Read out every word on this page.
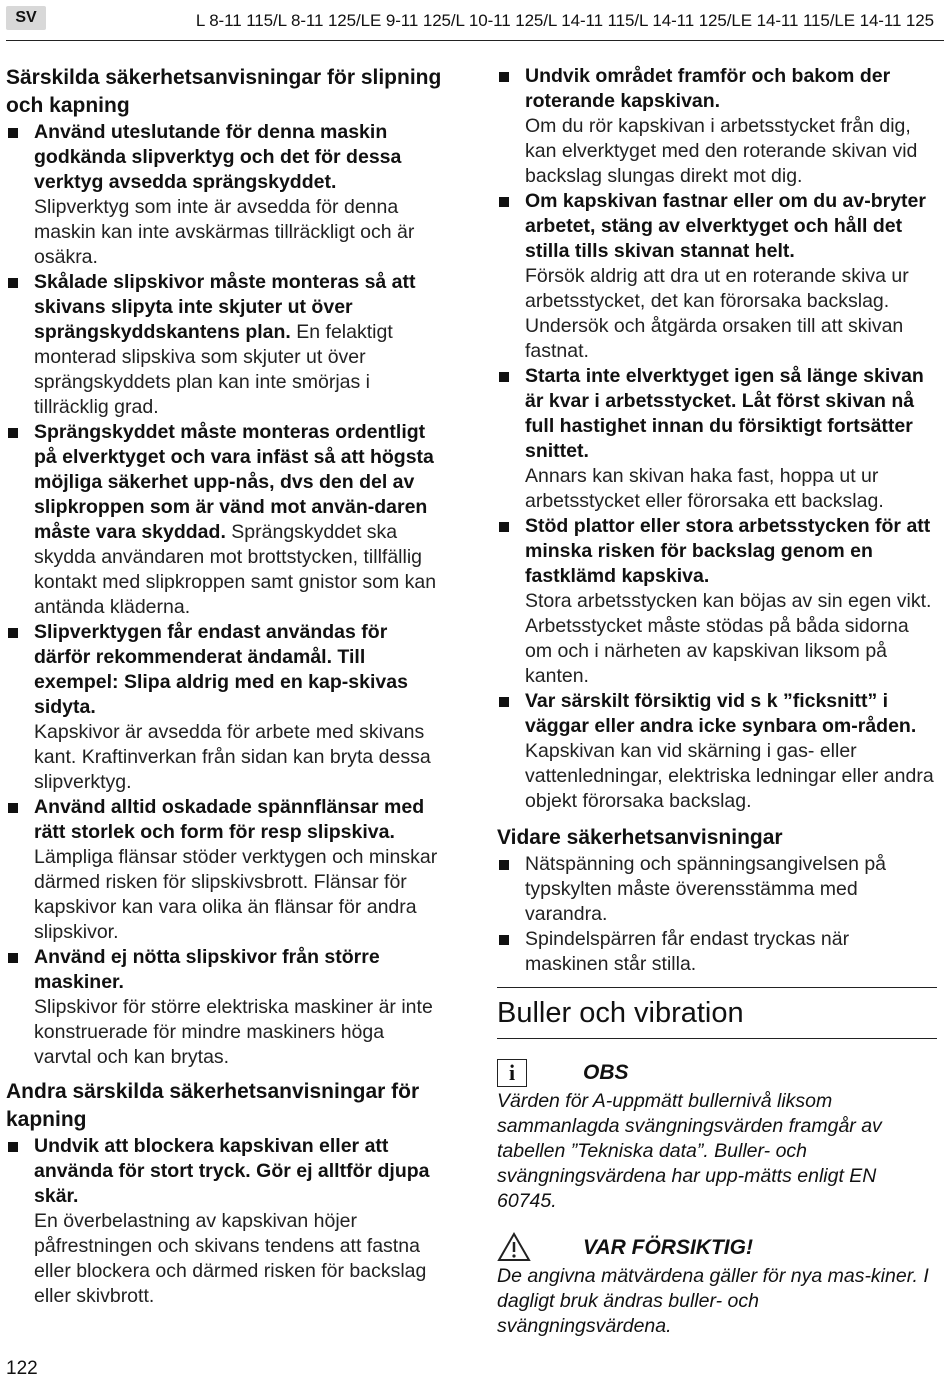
SV	L 8-11 115/L 8-11 125/LE 9-11 125/L 10-11 125/L 14-11 115/L 14-11 125/LE 14-11 115/LE 14-11 125
Särskilda säkerhetsanvisningar för slipning och kapning
Använd uteslutande för denna maskin godkända slipverktyg och det för dessa verktyg avsedda sprängskyddet.
Slipverktyg som inte är avsedda för denna maskin kan inte avskärmas tillräckligt och är osäkra.
Skålade slipskivor måste monteras så att skivans slipyta inte skjuter ut över sprängskyddskantens plan. En felaktigt monterad slipskiva som skjuter ut över sprängskyddets plan kan inte smörjas i tillräcklig grad.
Sprängskyddet måste monteras ordentligt på elverktyget och vara infäst så att högsta möjliga säkerhet upp-nås, dvs den del av slipkroppen som är vänd mot använ-daren måste vara skyddad. Sprängskyddet ska skydda användaren mot brottstycken, tillfällig kontakt med slipkroppen samt gnistor som kan antända kläderna.
Slipverktygen får endast användas för därför rekommenderat ändamål. Till exempel: Slipa aldrig med en kap-skivas sidyta.
Kapskivor är avsedda för arbete med skivans kant. Kraftinverkan från sidan kan bryta dessa slipverktyg.
Använd alltid oskadade spännflänsar med rätt storlek och form för resp slipskiva.
Lämpliga flänsar stöder verktygen och minskar därmed risken för slipskivsbrott. Flänsar för kapskivor kan vara olika än flänsar för andra slipskivor.
Använd ej nötta slipskivor från större maskiner.
Slipskivor för större elektriska maskiner är inte konstruerade för mindre maskiners höga varvtal och kan brytas.
Andra särskilda säkerhetsanvisningar för kapning
Undvik att blockera kapskivan eller att använda för stort tryck. Gör ej alltför djupa skär.
En överbelastning av kapskivan höjer påfrestningen och skivans tendens att fastna eller blockera och därmed risken för backslag eller skivbrott.
Undvik området framför och bakom der roterande kapskivan.
Om du rör kapskivan i arbetsstycket från dig, kan elverktyget med den roterande skivan vid backslag slungas direkt mot dig.
Om kapskivan fastnar eller om du av-bryter arbetet, stäng av elverktyget och håll det stilla tills skivan stannat helt.
Försök aldrig att dra ut en roterande skiva ur arbetsstycket, det kan förorsaka backslag. Undersök och åtgärda orsaken till att skivan fastnat.
Starta inte elverktyget igen så länge skivan är kvar i arbetsstycket. Låt först skivan nå full hastighet innan du försiktigt fortsätter snittet.
Annars kan skivan haka fast, hoppa ut ur arbetsstycket eller förorsaka ett backslag.
Stöd plattor eller stora arbetsstycken för att minska risken för backslag genom en fastklämd kapskiva.
Stora arbetsstycken kan böjas av sin egen vikt. Arbetsstycket måste stödas på båda sidorna om och i närheten av kapskivan liksom på kanten.
Var särskilt försiktig vid s k ”ficksnitt” i väggar eller andra icke synbara om-råden.
Kapskivan kan vid skärning i gas- eller vattenledningar, elektriska ledningar eller andra objekt förorsaka backslag.
Vidare säkerhetsanvisningar
Nätspänning och spänningsangivelsen på typskylten måste överensstämma med varandra.
Spindelspärren får endast tryckas när maskinen står stilla.
Buller och vibration
i	OBS
Värden för A-uppmätt bullernivå liksom sammanlagda svängningsvärden framgår av tabellen ”Tekniska data”. Buller- och svängningsvärdena har upp-mätts enligt EN 60745.
VAR FÖRSIKTIG!
De angivna mätvärdena gäller för nya mas-kiner. I dagligt bruk ändras buller- och svängningsvärdena.
122
